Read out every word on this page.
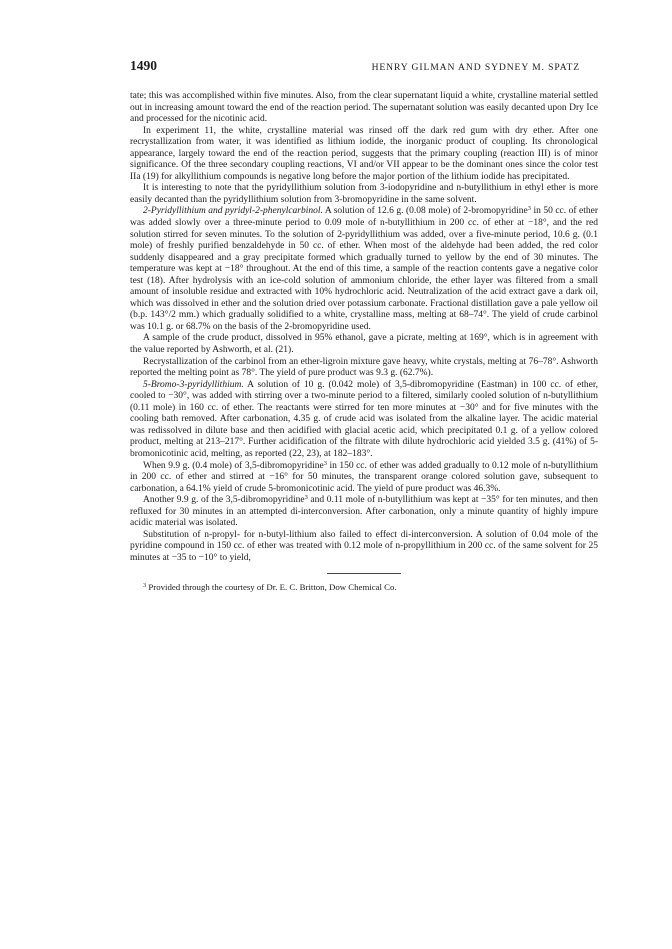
1490	HENRY GILMAN AND SYDNEY M. SPATZ

tate; this was accomplished within five minutes. Also, from the clear supernatant liquid a white, crystalline material settled out in increasing amount toward the end of the reaction period. The supernatant solution was easily decanted upon Dry Ice and processed for the nicotinic acid.

In experiment 11, the white, crystalline material was rinsed off the dark red gum with dry ether. After one recrystallization from water, it was identified as lithium iodide, the inorganic product of coupling. Its chronological appearance, largely toward the end of the reaction period, suggests that the primary coupling (reaction III) is of minor significance. Of the three secondary coupling reactions, VI and/or VII appear to be the dominant ones since the color test IIa (19) for alkyllithium compounds is negative long before the major portion of the lithium iodide has precipitated.

It is interesting to note that the pyridyllithium solution from 3-iodopyridine and n-butyllithium in ethyl ether is more easily decanted than the pyridyllithium solution from 3-bromopyridine in the same solvent.

2-Pyridyllithium and pyridyl-2-phenylcarbinol. A solution of 12.6 g. (0.08 mole) of 2-bromopyridine$^3$ in 50 cc. of ether was added slowly over a three-minute period to 0.09 mole of n-butyllithium in 200 cc. of ether at −18°, and the red solution stirred for seven minutes. To the solution of 2-pyridyllithium was added, over a five-minute period, 10.6 g. (0.1 mole) of freshly purified benzaldehyde in 50 cc. of ether. When most of the aldehyde had been added, the red color suddenly disappeared and a gray precipitate formed which gradually turned to yellow by the end of 30 minutes. The temperature was kept at −18° throughout. At the end of this time, a sample of the reaction contents gave a negative color test (18). After hydrolysis with an ice-cold solution of ammonium chloride, the ether layer was filtered from a small amount of insoluble residue and extracted with 10% hydrochloric acid. Neutralization of the acid extract gave a dark oil, which was dissolved in ether and the solution dried over potassium carbonate. Fractional distillation gave a pale yellow oil (b.p. 143°/2 mm.) which gradually solidified to a white, crystalline mass, melting at 68–74°. The yield of crude carbinol was 10.1 g. or 68.7% on the basis of the 2-bromopyridine used.

A sample of the crude product, dissolved in 95% ethanol, gave a picrate, melting at 169°, which is in agreement with the value reported by Ashworth, et al. (21).

Recrystallization of the carbinol from an ether-ligroin mixture gave heavy, white crystals, melting at 76–78°. Ashworth reported the melting point as 78°. The yield of pure product was 9.3 g. (62.7%).

5-Bromo-3-pyridyllithium. A solution of 10 g. (0.042 mole) of 3,5-dibromopyridine (Eastman) in 100 cc. of ether, cooled to −30°, was added with stirring over a two-minute period to a filtered, similarly cooled solution of n-butyllithium (0.11 mole) in 160 cc. of ether. The reactants were stirred for ten more minutes at −30° and for five minutes with the cooling bath removed. After carbonation, 4.35 g. of crude acid was isolated from the alkaline layer. The acidic material was redissolved in dilute base and then acidified with glacial acetic acid, which precipitated 0.1 g. of a yellow colored product, melting at 213–217°. Further acidification of the filtrate with dilute hydrochloric acid yielded 3.5 g. (41%) of 5-bromonicotinic acid, melting, as reported (22, 23), at 182–183°.

When 9.9 g. (0.4 mole) of 3,5-dibromopyridine$^3$ in 150 cc. of ether was added gradually to 0.12 mole of n-butyllithium in 200 cc. of ether and stirred at −16° for 50 minutes, the transparent orange colored solution gave, subsequent to carbonation, a 64.1% yield of crude 5-bromonicotinic acid. The yield of pure product was 46.3%.

Another 9.9 g. of the 3,5-dibromopyridine$^3$ and 0.11 mole of n-butyllithium was kept at −35° for ten minutes, and then refluxed for 30 minutes in an attempted di-interconversion. After carbonation, only a minute quantity of highly impure acidic material was isolated.

Substitution of n-propyl- for n-butyl-lithium also failed to effect di-interconversion. A solution of 0.04 mole of the pyridine compound in 150 cc. of ether was treated with 0.12 mole of n-propyllithium in 200 cc. of the same solvent for 25 minutes at −35 to −10° to yield,

$^3$ Provided through the courtesy of Dr. E. C. Britton, Dow Chemical Co.
